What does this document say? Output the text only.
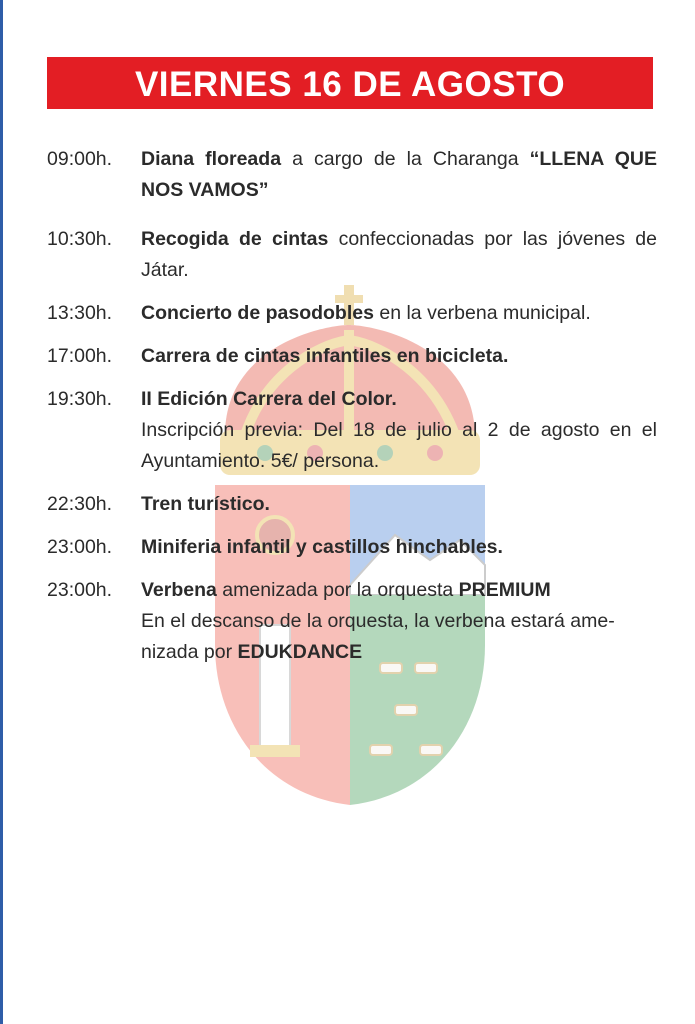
VIERNES 16 DE AGOSTO
09:00h.	Diana floreada a cargo de la Charanga “LLENA QUE NOS VAMOS”
10:30h.	Recogida de cintas confeccionadas por las jóvenes de Játar.
13:30h.	Concierto de pasodobles en la verbena municipal.
17:00h.	Carrera de cintas infantiles en bicicleta.
19:30h.	II Edición Carrera del Color.
Inscripción previa: Del 18 de julio al 2 de agosto en el Ayuntamiento. 5€/ persona.
22:30h.	Tren turístico.
23:00h.	Miniferia infantil y castillos hinchables.
23:00h.	Verbena amenizada por la orquesta PREMIUM
En el descanso de la orquesta, la verbena estará ame-
nizada por EDUKDANCE
